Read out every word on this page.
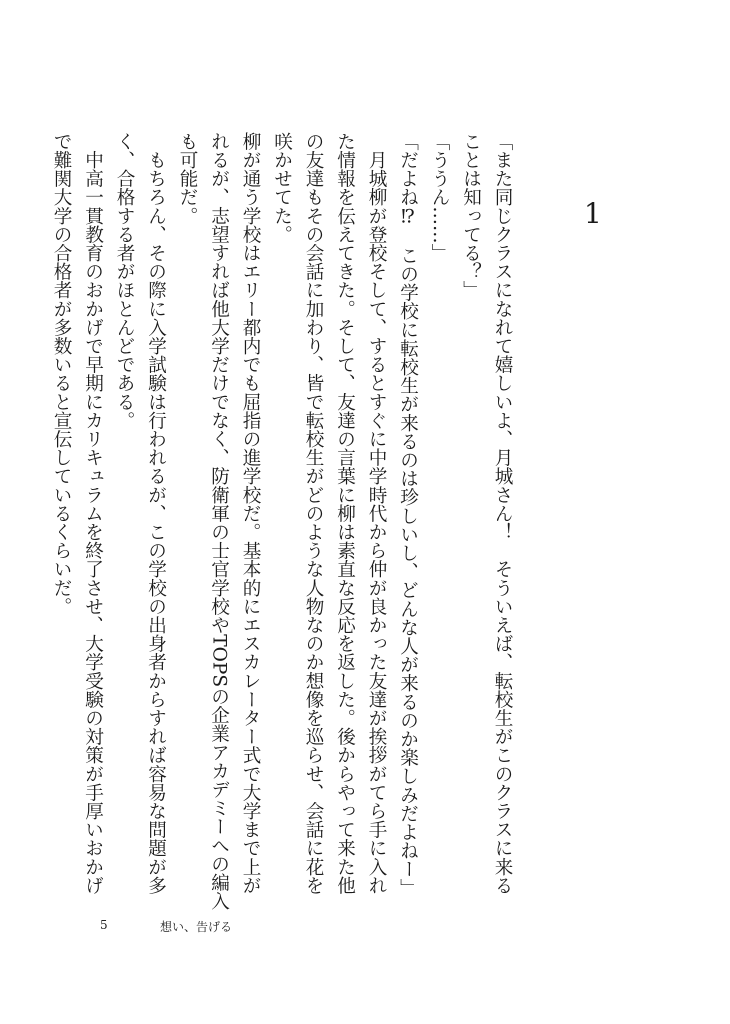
1

「また同じクラスになれて嬉しいよ、月城さん！　そういえば、転校生がこのクラスに来ることは知ってる？」

「ううん……」

「だよね⁉　この学校に転校生が来るのは珍しいし、どんな人が来るのか楽しみだよねー」

　月城柳が登校そして、するとすぐに中学時代から仲が良かった友達が挨拶がてら手に入れた情報を伝えてきた。そして、友達の言葉に柳は素直な反応を返した。後からやって来た他の友達もその会話に加わり、皆で転校生がどのような人物なのか想像を巡らせ、会話に花を咲かせてた。

柳が通う学校はエリー都内でも屈指の進学校だ。基本的にエスカレーター式で大学まで上がれるが、志望すれば他大学だけでなく、防衛軍の士官学校やTOPSの企業アカデミーへの編入も可能だ。

　もちろん、その際に入学試験は行われるが、この学校の出身者からすれば容易な問題が多く、合格する者がほとんどである。

　中高一貫教育のおかげで早期にカリキュラムを終了させ、大学受験の対策が手厚いおかげで難関大学の合格者が多数いると宣伝しているくらいだ。

5	想い、告げる
